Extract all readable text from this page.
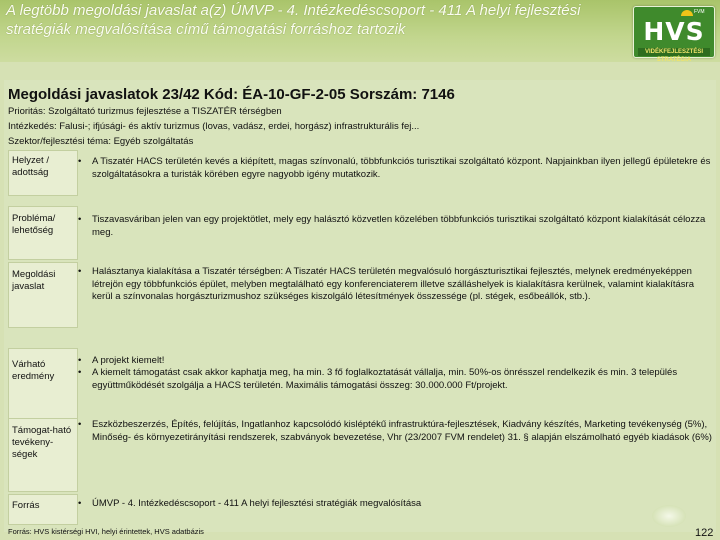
A legtöbb megoldási javaslat a(z) ÚMVP - 4. Intézkedéscsoport - 411 A helyi fejlesztési stratégiák megvalósítása című támogatási forráshoz tartozik
FVM
HVS
VIDÉKFEJLESZTÉSI STRATÉGIA
Megoldási javaslatok 23/42 Kód: ÉA-10-GF-2-05 Sorszám: 7146
Prioritás: Szolgáltató turizmus fejlesztése a TISZATÉR térségben
Intézkedés: Falusi-; ifjúsági- és aktív turizmus (lovas, vadász, erdei, horgász) infrastrukturális fej...
Szektor/fejlesztési téma: Egyéb szolgáltatás
Helyzet / adottság
•	A Tiszatér HACS területén kevés a kiépített, magas színvonalú, többfunkciós turisztikai szolgáltató központ. Napjainkban ilyen jellegű épületekre és szolgáltatásokra a turisták körében egyre nagyobb igény mutatkozik.
Probléma/ lehetőség
•	Tiszavasváriban jelen van egy projektötlet, mely egy halásztó közvetlen közelében többfunkciós turisztikai szolgáltató központ kialakítását célozza meg.
Megoldási javaslat
•	Halásztanya kialakítása a Tiszatér térségben: A Tiszatér HACS területén megvalósuló horgászturisztikai fejlesztés, melynek eredményeképpen létrejön egy többfunkciós épület, melyben megtalálható egy konferenciaterem illetve szálláshelyek is kialakításra kerülnek, valamint kialakításra kerül a színvonalas horgászturizmushoz szükséges kiszolgáló létesítmények összessége (pl. stégek, esőbeállók, stb.).
Várható eredmény
•	A projekt kiemelt!
•	A kiemelt támogatást csak akkor kaphatja meg, ha min. 3 fő foglalkoztatását vállalja, min. 50%-os önrésszel rendelkezik és min. 3 település együttműködését szolgálja a HACS területén. Maximális támogatási összeg: 30.000.000 Ft/projekt.
Támogat-ható tevékeny-ségek
•	Eszközbeszerzés, Építés, felújítás, Ingatlanhoz kapcsolódó kisléptékű infrastruktúra-fejlesztések, Kiadvány készítés, Marketing tevékenység (5%), Minőség- és környezetirányítási rendszerek, szabványok bevezetése, Vhr (23/2007 FVM rendelet) 31. § alapján elszámolható egyéb kiadások (6%)
Forrás	•	ÚMVP - 4. Intézkedéscsoport - 411 A helyi fejlesztési stratégiák megvalósítása
Forrás: HVS kistérségi HVI, helyi érintettek, HVS adatbázis	122
